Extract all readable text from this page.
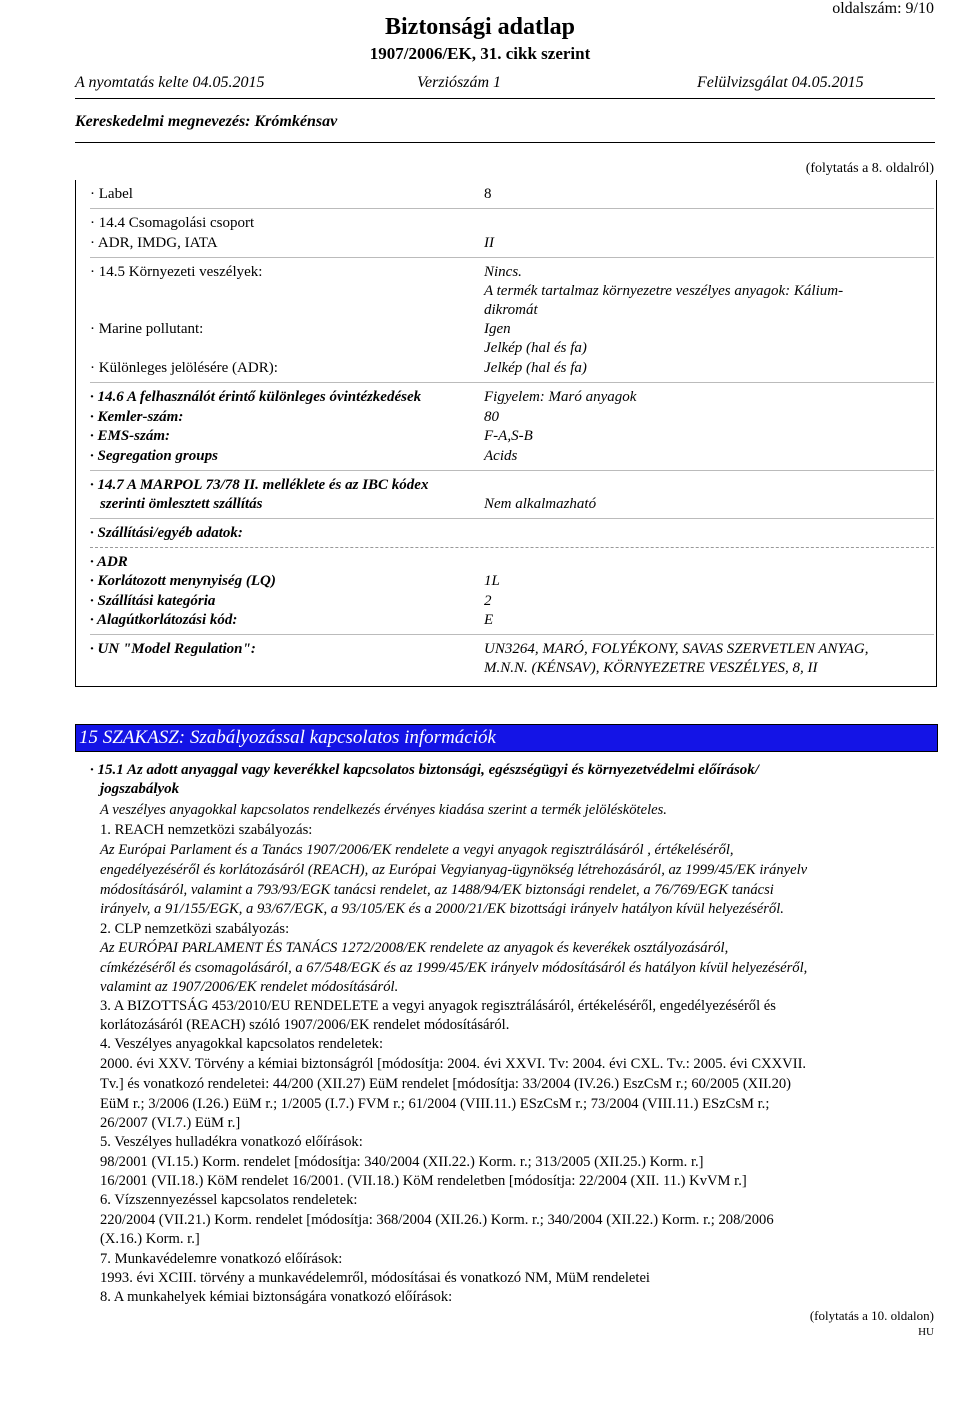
oldalszám: 9/10
Biztonsági adatlap
1907/2006/EK, 31. cikk szerint
A nyomtatás kelte 04.05.2015	Verziószám 1	Felülvizsgálat 04.05.2015
Kereskedelmi megnevezés: Krómkénsav
(folytatás a 8. oldalról)
· Label	8
· 14.4 Csomagolási csoport
· ADR, IMDG, IATA	II
· 14.5 Környezeti veszélyek:	Nincs.
A termék tartalmaz környezetre veszélyes anyagok: Kálium-
dikromát
· Marine pollutant:	Igen
Jelkép (hal és fa)
· Különleges jelölésére (ADR):	Jelkép (hal és fa)
· 14.6 A felhasználót érintő különleges óvintézkedések	Figyelem: Maró anyagok
· Kemler-szám:	80
· EMS-szám:	F-A,S-B
· Segregation groups	Acids
· 14.7 A MARPOL 73/78 II. melléklete és az IBC kódex
szerinti ömlesztett szállítás	Nem alkalmazható
· Szállítási/egyéb adatok:
· ADR
· Korlátozott menynyiség (LQ)	1L
· Szállítási kategória	2
· Alagútkorlátozási kód:	E
· UN "Model Regulation":	UN3264, MARÓ, FOLYÉKONY, SAVAS SZERVETLEN ANYAG,
M.N.N. (KÉNSAV), KÖRNYEZETRE VESZÉLYES, 8, II
15 SZAKASZ: Szabályozással kapcsolatos információk
· 15.1 Az adott anyaggal vagy keverékkel kapcsolatos biztonsági, egészségügyi és környezetvédelmi előírások/
jogszabályok
A veszélyes anyagokkal kapcsolatos rendelkezés érvényes kiadása szerint a termék jelölésköteles.
1. REACH nemzetközi szabályozás:
Az Európai Parlament és a Tanács 1907/2006/EK rendelete a vegyi anyagok regisztrálásáról , értékeléséről,
engedélyezéséről és korlátozásáról (REACH), az Európai Vegyianyag-ügynökség létrehozásáról, az 1999/45/EK irányelv
módosításáról, valamint a 793/93/EGK tanácsi rendelet, az 1488/94/EK biztonsági rendelet, a 76/769/EGK tanácsi
irányelv, a 91/155/EGK, a 93/67/EGK, a 93/105/EK és a 2000/21/EK bizottsági irányelv hatályon kívül helyezéséről.
2. CLP nemzetközi szabályozás:
Az EURÓPAI PARLAMENT ÉS TANÁCS 1272/2008/EK rendelete az anyagok és keverékek osztályozásáról,
címkézéséről és csomagolásáról, a 67/548/EGK és az 1999/45/EK irányelv módosításáról és hatályon kívül helyezéséről,
valamint az 1907/2006/EK rendelet módosításáról.
3. A BIZOTTSÁG 453/2010/EU RENDELETE a vegyi anyagok regisztrálásáról, értékeléséről, engedélyezéséről és
korlátozásáról (REACH) szóló 1907/2006/EK rendelet módosításáról.
4. Veszélyes anyagokkal kapcsolatos rendeletek:
2000. évi XXV. Törvény a kémiai biztonságról [módosítja: 2004. évi XXVI. Tv: 2004. évi CXL. Tv.: 2005. évi CXXVII.
Tv.] és vonatkozó rendeletei: 44/200 (XII.27) EüM rendelet [módosítja: 33/2004 (IV.26.) EszCsM r.; 60/2005 (XII.20)
EüM r.; 3/2006 (I.26.) EüM r.; 1/2005 (I.7.) FVM r.; 61/2004 (VIII.11.) ESzCsM r.; 73/2004 (VIII.11.) ESzCsM r.;
26/2007 (VI.7.) EüM r.]
5. Veszélyes hulladékra vonatkozó előírások:
98/2001 (VI.15.) Korm. rendelet [módosítja: 340/2004 (XII.22.) Korm. r.; 313/2005 (XII.25.) Korm. r.]
16/2001 (VII.18.) KöM rendelet 16/2001. (VII.18.) KöM rendeletben [módosítja: 22/2004 (XII. 11.) KvVM r.]
6. Vízszennyezéssel kapcsolatos rendeletek:
220/2004 (VII.21.) Korm. rendelet [módosítja: 368/2004 (XII.26.) Korm. r.; 340/2004 (XII.22.) Korm. r.; 208/2006
(X.16.) Korm. r.]
7. Munkavédelemre vonatkozó előírások:
1993. évi XCIII. törvény a munkavédelemről, módosításai és vonatkozó NM, MüM rendeletei
8. A munkahelyek kémiai biztonságára vonatkozó előírások:
(folytatás a 10. oldalon)
HU
